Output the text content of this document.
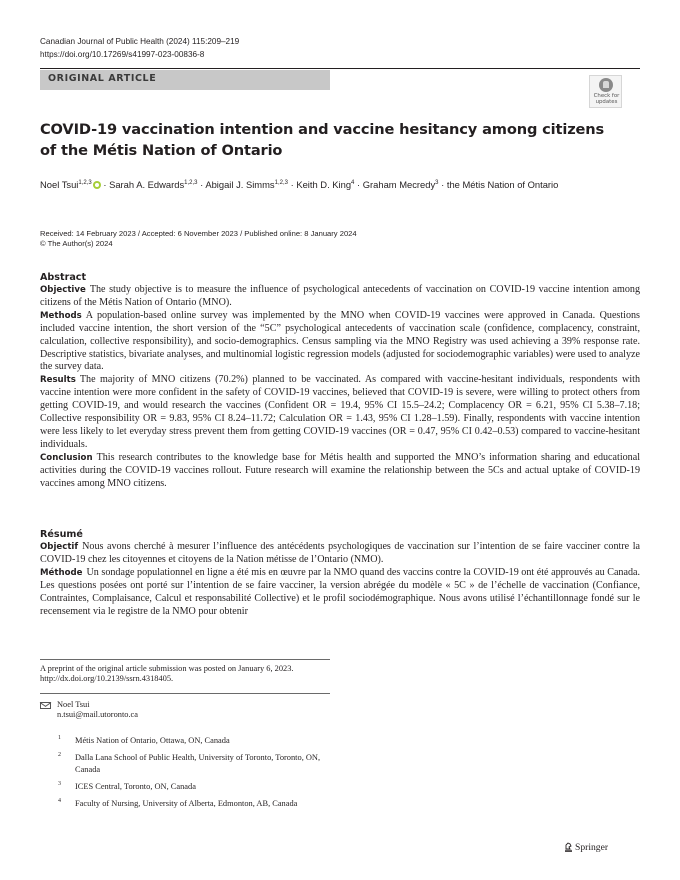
Canadian Journal of Public Health (2024) 115:209–219
https://doi.org/10.17269/s41997-023-00836-8
ORIGINAL ARTICLE
Check for updates
COVID-19 vaccination intention and vaccine hesitancy among citizens of the Métis Nation of Ontario
Noel Tsui$^{1,2,3}$ · Sarah A. Edwards$^{1,2,3}$ · Abigail J. Simms$^{1,2,3}$ · Keith D. King$^4$ · Graham Mecredy$^3$ · the Métis Nation of Ontario
Received: 14 February 2023 / Accepted: 6 November 2023 / Published online: 8 January 2024
© The Author(s) 2024
Abstract

Objective The study objective is to measure the influence of psychological antecedents of vaccination on COVID-19 vaccine intention among citizens of the Métis Nation of Ontario (MNO).

Methods A population-based online survey was implemented by the MNO when COVID-19 vaccines were approved in Canada. Questions included vaccine intention, the short version of the “5C” psychological antecedents of vaccination scale (confidence, complacency, constraint, calculation, collective responsibility), and socio-demographics. Census sampling via the MNO Registry was used achieving a 39% response rate. Descriptive statistics, bivariate analyses, and multinomial logistic regression models (adjusted for sociodemographic variables) were used to analyze the survey data.

Results The majority of MNO citizens (70.2%) planned to be vaccinated. As compared with vaccine-hesitant individuals, respondents with vaccine intention were more confident in the safety of COVID-19 vaccines, believed that COVID-19 is severe, were willing to protect others from getting COVID-19, and would research the vaccines (Confident OR = 19.4, 95% CI 15.5–24.2; Complacency OR = 6.21, 95% CI 5.38–7.18; Collective responsibility OR = 9.83, 95% CI 8.24–11.72; Calculation OR = 1.43, 95% CI 1.28–1.59). Finally, respondents with vaccine intention were less likely to let everyday stress prevent them from getting COVID-19 vaccines (OR = 0.47, 95% CI 0.42–0.53) compared to vaccine-hesitant individuals.

Conclusion This research contributes to the knowledge base for Métis health and supported the MNO’s information sharing and educational activities during the COVID-19 vaccines rollout. Future research will examine the relationship between the 5Cs and actual uptake of COVID-19 vaccines among MNO citizens.

Résumé

Objectif Nous avons cherché à mesurer l’influence des antécédents psychologiques de vaccination sur l’intention de se faire vacciner contre la COVID-19 chez les citoyennes et citoyens de la Nation métisse de l’Ontario (NMO).

Méthode Un sondage populationnel en ligne a été mis en œuvre par la NMO quand des vaccins contre la COVID-19 ont été approuvés au Canada. Les questions posées ont porté sur l’intention de se faire vacciner, la version abrégée du modèle « 5C » de l’échelle de vaccination (Confiance, Contraintes, Complaisance, Calcul et responsabilité Collective) et le profil sociodémographique. Nous avons utilisé l’échantillonnage fondé sur le recensement via le registre de la NMO pour obtenir

A preprint of the original article submission was posted on January 6, 2023. http://dx.doi.org/10.2139/ssrn.4318405.
Noel Tsui
n.tsui@mail.utoronto.ca
1	Métis Nation of Ontario, Ottawa, ON, Canada
2	Dalla Lana School of Public Health, University of Toronto, Toronto, ON, Canada
3	ICES Central, Toronto, ON, Canada
4	Faculty of Nursing, University of Alberta, Edmonton, AB, Canada
Springer
